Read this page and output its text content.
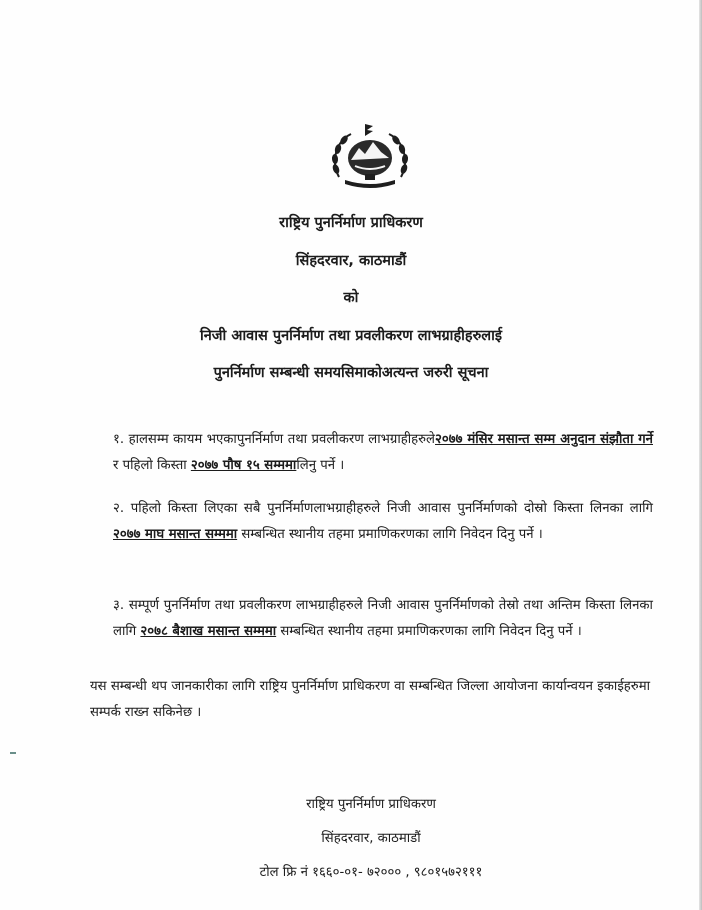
राष्ट्रिय पुनर्निर्माण प्राधिकरण
सिंहदरवार, काठमाडौं
को
निजी आवास पुनर्निर्माण तथा प्रवलीकरण लाभग्राहीहरुलाई
पुनर्निर्माण सम्बन्धी समयसिमाकोअत्यन्त जरुरी सूचना
१. हालसम्म कायम भएकापुनर्निर्माण तथा प्रवलीकरण लाभग्राहीहरुले२०७७ मंसिर मसान्त सम्म अनुदान संझौता गर्ने र पहिलो किस्ता २०७७ पौष १५ सम्ममालिनु पर्ने ।
२. पहिलो किस्ता लिएका सबै पुनर्निर्माणलाभग्राहीहरुले निजी आवास पुनर्निर्माणको दोस्रो किस्ता लिनका लागि २०७७ माघ मसान्त सम्ममा सम्बन्धित स्थानीय तहमा प्रमाणिकरणका लागि निवेदन दिनु पर्ने ।
३. सम्पूर्ण पुनर्निर्माण तथा प्रवलीकरण लाभग्राहीहरुले निजी आवास पुनर्निर्माणको तेस्रो तथा अन्तिम किस्ता लिनका लागि २०७८ बैशाख मसान्त सम्ममा सम्बन्धित स्थानीय तहमा प्रमाणिकरणका लागि निवेदन दिनु पर्ने ।
यस सम्बन्धी थप जानकारीका लागि राष्ट्रिय पुनर्निर्माण प्राधिकरण वा सम्बन्धित जिल्ला आयोजना कार्यान्वयन इकाईहरुमा सम्पर्क राख्न सकिनेछ ।
राष्ट्रिय पुनर्निर्माण प्राधिकरण
सिंहदरवार, काठमाडौं
टोल फ्रि नं १६६०-०१- ७२००० , ९८०१५७२१११
